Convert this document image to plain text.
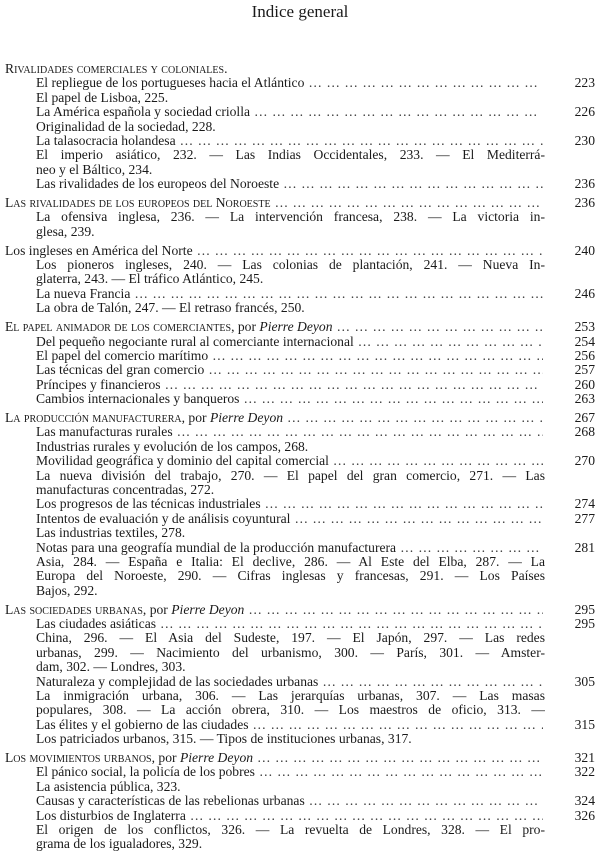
Indice general
Rivalidades comerciales y coloniales.
El repliegue de los portugueses hacia el Atlántico … … … … … … … … … … … … … … … … … … … … … … … … … … … … … … … … … … … … …	223
El papel de Lisboa, 225.
La América española y sociedad criolla … … … … … … … … … … … … … … … … … … … … … … … … … … … … … … … … … … … … …	226
Originalidad de la sociedad, 228.
La talasocracia holandesa … … … … … … … … … … … … … … … … … … … … … … … … … … … … … … … … … … … … …	230
El imperio asiático, 232. — Las Indias Occidentales, 233. — El Mediterrá-
neo y el Báltico, 234.
Las rivalidades de los europeos del Noroeste … … … … … … … … … … … … … … … … … … … … … … … … … … … … … … … … … … … … …	236
Las rivalidades de los europeos del Noroeste … … … … … … … … … … … … … … … … … … … … … … … … … … … … … … … … … … … … …	236
La ofensiva inglesa, 236. — La intervención francesa, 238. — La victoria in-
glesa, 239.
Los ingleses en América del Norte … … … … … … … … … … … … … … … … … … … … … … … … … … … … … … … … … … … … …	240
Los pioneros ingleses, 240. — Las colonias de plantación, 241. — Nueva In-
glaterra, 243. — El tráfico Atlántico, 245.
La nueva Francia … … … … … … … … … … … … … … … … … … … … … … … … … … … … … … … … … … … … …	246
La obra de Talón, 247. — El retraso francés, 250.
El papel animador de los comerciantes, por Pierre Deyon … … … … … … … … … … … … … … … … … … … … … … … … … … … … … … … … … … … … …	253
Del pequeño negociante rural al comerciante internacional … … … … … … … … … … … … … … … … … … … … … … … … … … … … … … … … … … … … …	254
El papel del comercio marítimo … … … … … … … … … … … … … … … … … … … … … … … … … … … … … … … … … … … … …	256
Las técnicas del gran comercio … … … … … … … … … … … … … … … … … … … … … … … … … … … … … … … … … … … … …	257
Príncipes y financieros … … … … … … … … … … … … … … … … … … … … … … … … … … … … … … … … … … … … …	260
Cambios internacionales y banqueros … … … … … … … … … … … … … … … … … … … … … … … … … … … … … … … … … … … … …	263
La producción manufacturera, por Pierre Deyon … … … … … … … … … … … … … … … … … … … … … … … … … … … … … … … … … … … … …	267
Las manufacturas rurales … … … … … … … … … … … … … … … … … … … … … … … … … … … … … … … … … … … … …	268
Industrias rurales y evolución de los campos, 268.
Movilidad geográfica y dominio del capital comercial … … … … … … … … … … … … … … … … … … … … … … … … … … … … … … … … … … … … …	270
La nueva división del trabajo, 270. — El papel del gran comercio, 271. — Las
manufacturas concentradas, 272.
Los progresos de las técnicas industriales … … … … … … … … … … … … … … … … … … … … … … … … … … … … … … … … … … … … …	274
Intentos de evaluación y de análisis coyuntural … … … … … … … … … … … … … … … … … … … … … … … … … … … … … … … … … … … … …	277
Las industrias textiles, 278.
Notas para una geografía mundial de la producción manufacturera … … … … … … … … … … … … … … … … … … … … … … … … … … … … … … … … … … … … …	281
Asia, 284. — España e Italia: El declive, 286. — Al Este del Elba, 287. — La
Europa del Noroeste, 290. — Cifras inglesas y francesas, 291. — Los Países
Bajos, 292.
Las sociedades urbanas, por Pierre Deyon … … … … … … … … … … … … … … … … … … … … … … … … … … … … … … … … … … … … …	295
Las ciudades asiáticas … … … … … … … … … … … … … … … … … … … … … … … … … … … … … … … … … … … … …	295
China, 296. — El Asia del Sudeste, 197. — El Japón, 297. — Las redes
urbanas, 299. — Nacimiento del urbanismo, 300. — París, 301. — Amster-
dam, 302. — Londres, 303.
Naturaleza y complejidad de las sociedades urbanas … … … … … … … … … … … … … … … … … … … … … … … … … … … … … … … … … … … … …	305
La inmigración urbana, 306. — Las jerarquías urbanas, 307. — Las masas
populares, 308. — La acción obrera, 310. — Los maestros de oficio, 313. —
Las élites y el gobierno de las ciudades … … … … … … … … … … … … … … … … … … … … … … … … … … … … … … … … … … … … …	315
Los patriciados urbanos, 315. — Tipos de instituciones urbanas, 317.
Los movimientos urbanos, por Pierre Deyon … … … … … … … … … … … … … … … … … … … … … … … … … … … … … … … … … … … … …	321
El pánico social, la policía de los pobres … … … … … … … … … … … … … … … … … … … … … … … … … … … … … … … … … … … … …	322
La asistencia pública, 323.
Causas y características de las rebelionas urbanas … … … … … … … … … … … … … … … … … … … … … … … … … … … … … … … … … … … … …	324
Los disturbios de Inglaterra … … … … … … … … … … … … … … … … … … … … … … … … … … … … … … … … … … … … …	326
El origen de los conflictos, 326. — La revuelta de Londres, 328. — El pro-
grama de los igualadores, 329.
